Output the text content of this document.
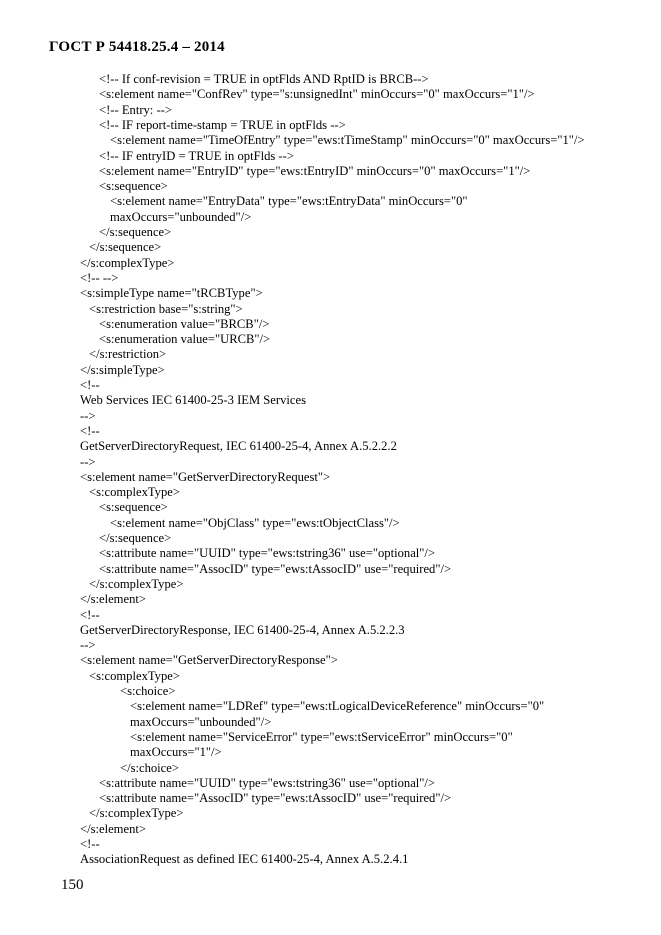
ГОСТ Р 54418.25.4 – 2014
<!-- If conf-revision = TRUE in optFlds AND RptID is BRCB-->
<s:element name="ConfRev" type="s:unsignedInt" minOccurs="0" maxOccurs="1"/>
<!-- Entry: -->
<!-- IF report-time-stamp = TRUE in optFlds -->
<s:element name="TimeOfEntry" type="ews:tTimeStamp" minOccurs="0" maxOccurs="1"/>
<!-- IF entryID = TRUE in optFlds -->
<s:element name="EntryID" type="ews:tEntryID" minOccurs="0" maxOccurs="1"/>
<s:sequence>
<s:element name="EntryData" type="ews:tEntryData" minOccurs="0"
maxOccurs="unbounded"/>
</s:sequence>
</s:sequence>
</s:complexType>
<!-- -->
<s:simpleType name="tRCBType">
<s:restriction base="s:string">
<s:enumeration value="BRCB"/>
<s:enumeration value="URCB"/>
</s:restriction>
</s:simpleType>
<!--
Web Services IEC 61400-25-3 IEM Services
-->
<!--
GetServerDirectoryRequest, IEC 61400-25-4, Annex A.5.2.2.2
-->
<s:element name="GetServerDirectoryRequest">
<s:complexType>
<s:sequence>
<s:element name="ObjClass" type="ews:tObjectClass"/>
</s:sequence>
<s:attribute name="UUID" type="ews:tstring36" use="optional"/>
<s:attribute name="AssocID" type="ews:tAssocID" use="required"/>
</s:complexType>
</s:element>
<!--
GetServerDirectoryResponse, IEC 61400-25-4, Annex A.5.2.2.3
-->
<s:element name="GetServerDirectoryResponse">
<s:complexType>
<s:choice>
<s:element name="LDRef" type="ews:tLogicalDeviceReference" minOccurs="0"
maxOccurs="unbounded"/>
<s:element name="ServiceError" type="ews:tServiceError" minOccurs="0"
maxOccurs="1"/>
</s:choice>
<s:attribute name="UUID" type="ews:tstring36" use="optional"/>
<s:attribute name="AssocID" type="ews:tAssocID" use="required"/>
</s:complexType>
</s:element>
<!--
AssociationRequest as defined IEC 61400-25-4, Annex A.5.2.4.1
150
